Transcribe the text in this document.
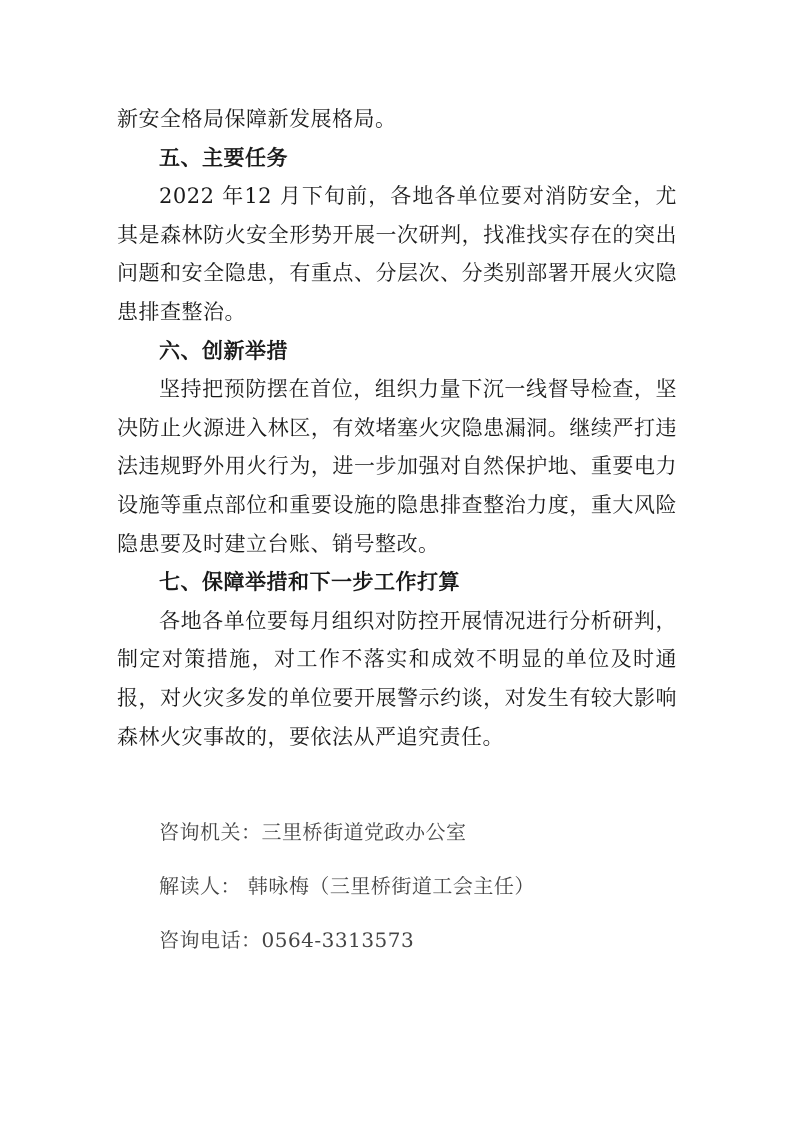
新安全格局保障新发展格局。

五、主要任务

2022 年12 月下旬前，各地各单位要对消防安全，尤其是森林防火安全形势开展一次研判，找准找实存在的突出问题和安全隐患，有重点、分层次、分类别部署开展火灾隐患排查整治。

六、创新举措

坚持把预防摆在首位，组织力量下沉一线督导检查，坚决防止火源进入林区，有效堵塞火灾隐患漏洞。继续严打违法违规野外用火行为，进一步加强对自然保护地、重要电力设施等重点部位和重要设施的隐患排查整治力度，重大风险隐患要及时建立台账、销号整改。

七、保障举措和下一步工作打算

各地各单位要每月组织对防控开展情况进行分析研判，制定对策措施，对工作不落实和成效不明显的单位及时通报，对火灾多发的单位要开展警示约谈，对发生有较大影响森林火灾事故的，要依法从严追究责任。

咨询机关：三里桥街道党政办公室

解读人： 韩咏梅（三里桥街道工会主任）

咨询电话：0564-3313573
